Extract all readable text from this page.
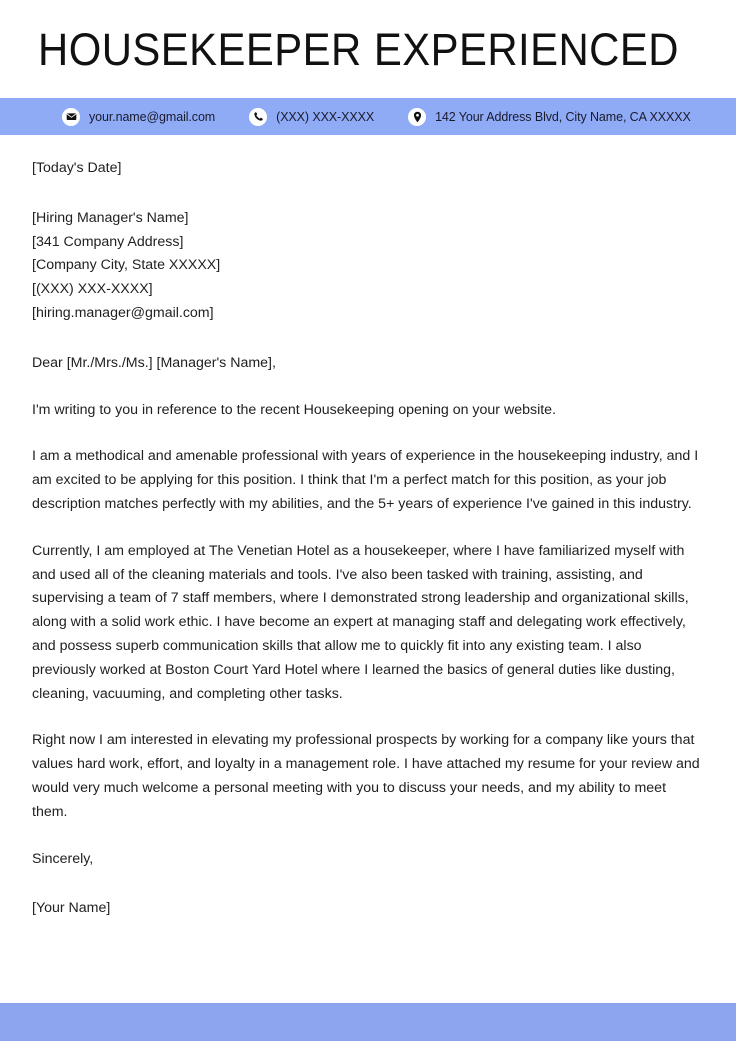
HOUSEKEEPER EXPERIENCED
your.name@gmail.com	(XXX) XXX-XXXX	142 Your Address Blvd, City Name, CA XXXXX

[Today's Date]

[Hiring Manager's Name]

[341 Company Address]

[Company City, State XXXXX]

[(XXX) XXX-XXXX]

[hiring.manager@gmail.com]

Dear [Mr./Mrs./Ms.] [Manager's Name],

I'm writing to you in reference to the recent Housekeeping opening on your website.

I am a methodical and amenable professional with years of experience in the housekeeping industry, and I am excited to be applying for this position. I think that I'm a perfect match for this position, as your job description matches perfectly with my abilities, and the 5+ years of experience I've gained in this industry.

Currently, I am employed at The Venetian Hotel as a housekeeper, where I have familiarized myself with and used all of the cleaning materials and tools. I've also been tasked with training, assisting, and supervising a team of 7 staff members, where I demonstrated strong leadership and organizational skills, along with a solid work ethic. I have become an expert at managing staff and delegating work effectively, and possess superb communication skills that allow me to quickly fit into any existing team. I also previously worked at Boston Court Yard Hotel where I learned the basics of general duties like dusting, cleaning, vacuuming, and completing other tasks.

Right now I am interested in elevating my professional prospects by working for a company like yours that values hard work, effort, and loyalty in a management role. I have attached my resume for your review and would very much welcome a personal meeting with you to discuss your needs, and my ability to meet them.

Sincerely,

[Your Name]
